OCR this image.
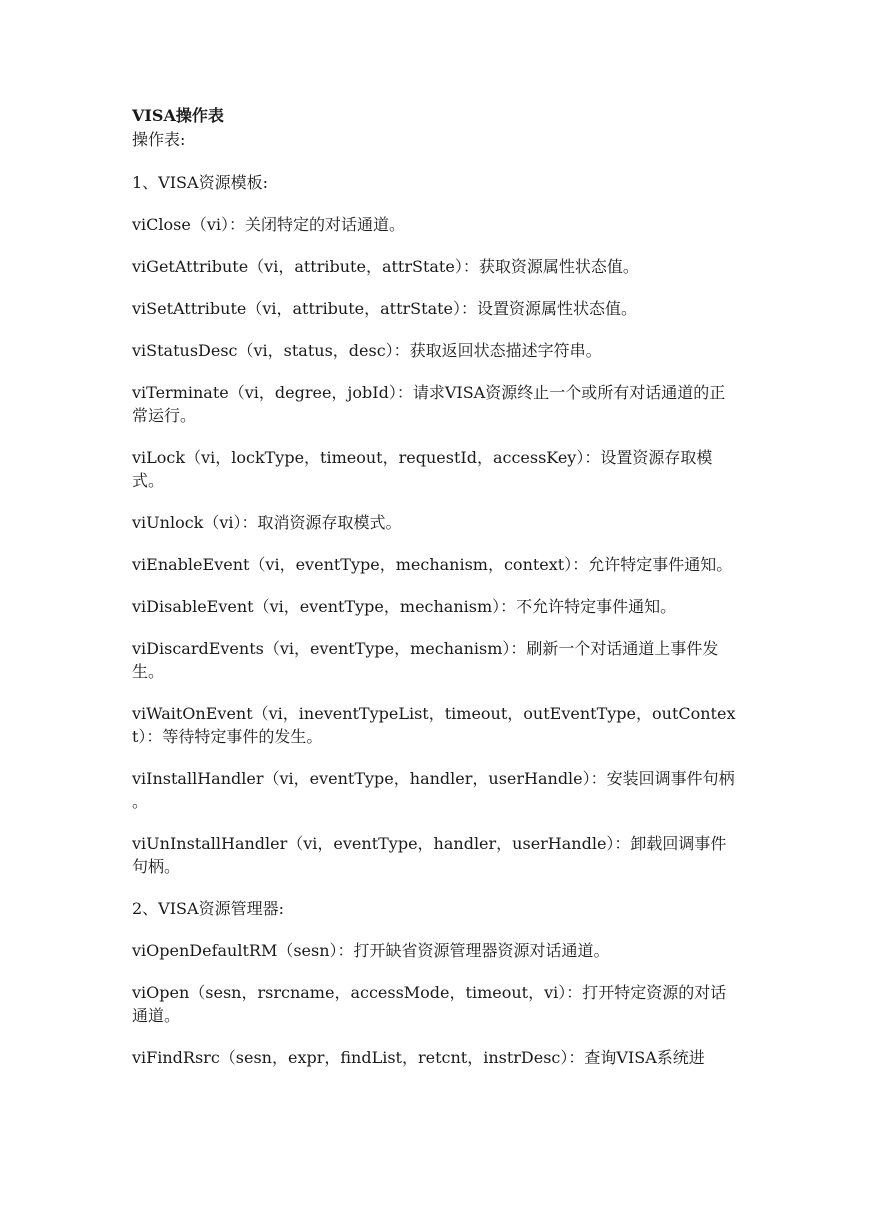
VISA操作表
操作表:
1、VISA资源模板:
viClose（vi）：关闭特定的对话通道。
viGetAttribute（vi，attribute，attrState）：获取资源属性状态值。
viSetAttribute（vi，attribute，attrState）：设置资源属性状态值。
viStatusDesc（vi，status，desc）：获取返回状态描述字符串。
viTerminate（vi，degree，jobId）：请求VISA资源终止一个或所有对话通道的正常运行。
viLock（vi，lockType，timeout，requestId，accessKey）：设置资源存取模式。
viUnlock（vi）：取消资源存取模式。
viEnableEvent（vi，eventType，mechanism，context）：允许特定事件通知。
viDisableEvent（vi，eventType，mechanism）：不允许特定事件通知。
viDiscardEvents（vi，eventType，mechanism）：刷新一个对话通道上事件发生。
viWaitOnEvent（vi，ineventTypeList，timeout，outEventType，outContext）：等待特定事件的发生。
viInstallHandler（vi，eventType，handler，userHandle）：安装回调事件句柄 。
viUnInstallHandler（vi，eventType，handler，userHandle）：卸载回调事件句柄。
2、VISA资源管理器:
viOpenDefaultRM（sesn）：打开缺省资源管理器资源对话通道。
viOpen（sesn，rsrcname，accessMode，timeout，vi）：打开特定资源的对话通道。
viFindRsrc（sesn，expr，findList，retcnt，instrDesc）：查询VISA系统进
